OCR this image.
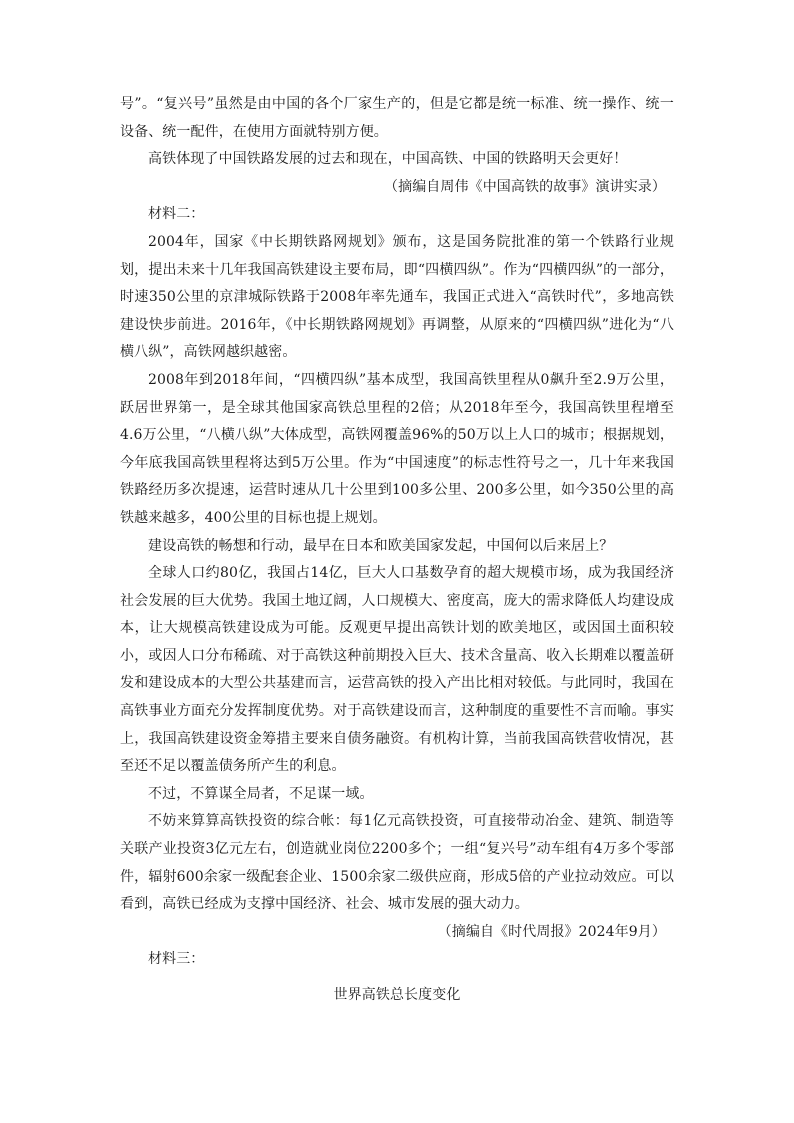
号”。“复兴号”虽然是由中国的各个厂家生产的，但是它都是统一标准、统一操作、统一设备、统一配件，在使用方面就特别方便。

高铁体现了中国铁路发展的过去和现在，中国高铁、中国的铁路明天会更好！

（摘编自周伟《中国高铁的故事》演讲实录）

材料二：

2004年，国家《中长期铁路网规划》颁布，这是国务院批准的第一个铁路行业规划，提出未来十几年我国高铁建设主要布局，即“四横四纵”。作为“四横四纵”的一部分，时速350公里的京津城际铁路于2008年率先通车，我国正式进入“高铁时代”，多地高铁建设快步前进。2016年，《中长期铁路网规划》再调整，从原来的“四横四纵”进化为“八横八纵”，高铁网越织越密。

2008年到2018年间，“四横四纵”基本成型，我国高铁里程从0飙升至2.9万公里，跃居世界第一，是全球其他国家高铁总里程的2倍；从2018年至今，我国高铁里程增至4.6万公里，“八横八纵”大体成型，高铁网覆盖96%的50万以上人口的城市；根据规划，今年底我国高铁里程将达到5万公里。作为“中国速度”的标志性符号之一，几十年来我国铁路经历多次提速，运营时速从几十公里到100多公里、200多公里，如今350公里的高铁越来越多，400公里的目标也提上规划。

建设高铁的畅想和行动，最早在日本和欧美国家发起，中国何以后来居上？

全球人口约80亿，我国占14亿，巨大人口基数孕育的超大规模市场，成为我国经济社会发展的巨大优势。我国土地辽阔，人口规模大、密度高，庞大的需求降低人均建设成本，让大规模高铁建设成为可能。反观更早提出高铁计划的欧美地区，或因国土面积较小，或因人口分布稀疏、对于高铁这种前期投入巨大、技术含量高、收入长期难以覆盖研发和建设成本的大型公共基建而言，运营高铁的投入产出比相对较低。与此同时，我国在高铁事业方面充分发挥制度优势。对于高铁建设而言，这种制度的重要性不言而喻。事实上，我国高铁建设资金筹措主要来自债务融资。有机构计算，当前我国高铁营收情况，甚至还不足以覆盖债务所产生的利息。

不过，不算谋全局者，不足谋一域。

不妨来算算高铁投资的综合帐：每1亿元高铁投资，可直接带动冶金、建筑、制造等关联产业投资3亿元左右，创造就业岗位2200多个；一组“复兴号”动车组有4万多个零部件，辐射600余家一级配套企业、1500余家二级供应商，形成5倍的产业拉动效应。可以看到，高铁已经成为支撑中国经济、社会、城市发展的强大动力。

（摘编自《时代周报》2024年9月）

材料三：

世界高铁总长度变化
